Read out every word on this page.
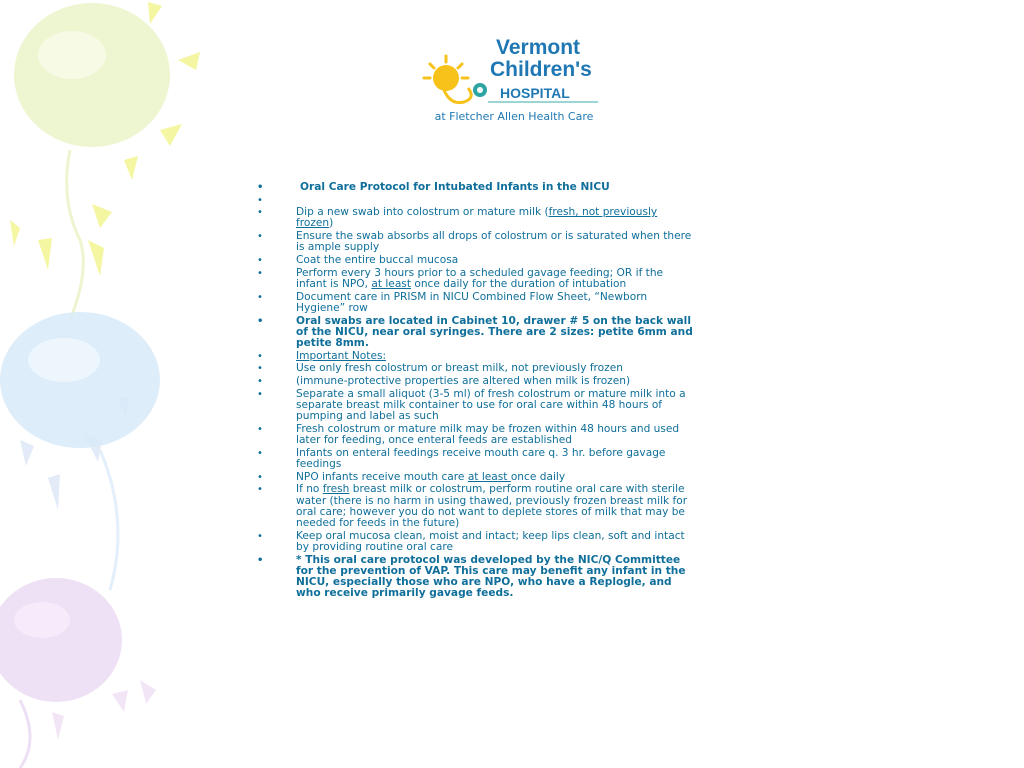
Vermont
Children's
HOSPITAL
at Fletcher Allen Health Care
•	Oral Care Protocol for Intubated Infants in the NICU
•
•	Dip a new swab into colostrum or mature milk (fresh, not previously frozen)
•	Ensure the swab absorbs all drops of colostrum or is saturated when there is ample supply
•	Coat the entire buccal mucosa
•	Perform every 3 hours prior to a scheduled gavage feeding; OR if the infant is NPO, at least once daily for the duration of intubation
•	Document care in PRISM in NICU Combined Flow Sheet, “Newborn Hygiene” row
•	Oral swabs are located in Cabinet 10, drawer # 5 on the back wall of the NICU, near oral syringes. There are 2 sizes: petite 6mm and petite 8mm.
•	Important Notes:
•	Use only fresh colostrum or breast milk, not previously frozen
•	(immune-protective properties are altered when milk is frozen)
•	Separate a small aliquot (3-5 ml) of fresh colostrum or mature milk into a separate breast milk container to use for oral care within 48 hours of pumping and label as such
•	Fresh colostrum or mature milk may be frozen within 48 hours and used later for feeding, once enteral feeds are established
•	Infants on enteral feedings receive mouth care q. 3 hr. before gavage feedings
•	NPO infants receive mouth care at least once daily
•	If no fresh breast milk or colostrum, perform routine oral care with sterile water (there is no harm in using thawed, previously frozen breast milk for oral care; however you do not want to deplete stores of milk that may be needed for feeds in the future)
•	Keep oral mucosa clean, moist and intact; keep lips clean, soft and intact by providing routine oral care
•	* This oral care protocol was developed by the NIC/Q Committee for the prevention of VAP. This care may benefit any infant in the NICU, especially those who are NPO, who have a Replogle, and who receive primarily gavage feeds.
